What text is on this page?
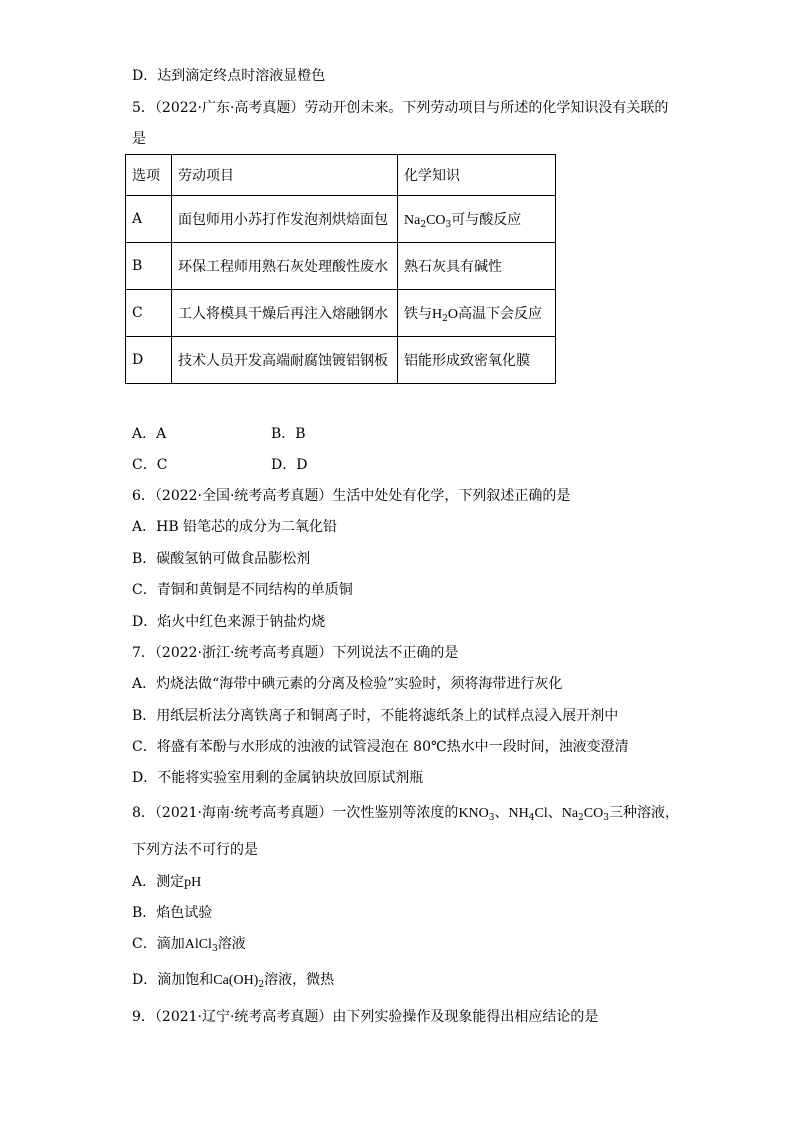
D．达到滴定终点时溶液显橙色
5．（2022·广东·高考真题）劳动开创未来。下列劳动项目与所述的化学知识没有关联的
是
选项	劳动项目	化学知识
A	面包师用小苏打作发泡剂烘焙面包	$Na_2CO_3$可与酸反应
B	环保工程师用熟石灰处理酸性废水	熟石灰具有碱性
C	工人将模具干燥后再注入熔融钢水	铁与$H_2O$高温下会反应
D	技术人员开发高端耐腐蚀镀铝钢板	铝能形成致密氧化膜
A．A	B．B
C．C	D．D
6．（2022·全国·统考高考真题）生活中处处有化学，下列叙述正确的是
A．HB 铅笔芯的成分为二氧化铅
B．碳酸氢钠可做食品膨松剂
C．青铜和黄铜是不同结构的单质铜
D．焰火中红色来源于钠盐灼烧
7．（2022·浙江·统考高考真题）下列说法不正确的是
A．灼烧法做“海带中碘元素的分离及检验”实验时，须将海带进行灰化
B．用纸层析法分离铁离子和铜离子时，不能将滤纸条上的试样点浸入展开剂中
C．将盛有苯酚与水形成的浊液的试管浸泡在 80℃热水中一段时间，浊液变澄清
D．不能将实验室用剩的金属钠块放回原试剂瓶
8．（2021·海南·统考高考真题）一次性鉴别等浓度的$KNO_3$、$NH_4Cl$、$Na_2CO_3$三种溶液，
下列方法不可行的是
A．测定pH
B．焰色试验
C．滴加AlCl$_3$溶液
D．滴加饱和$Ca(OH)_2$溶液，微热
9．（2021·辽宁·统考高考真题）由下列实验操作及现象能得出相应结论的是
